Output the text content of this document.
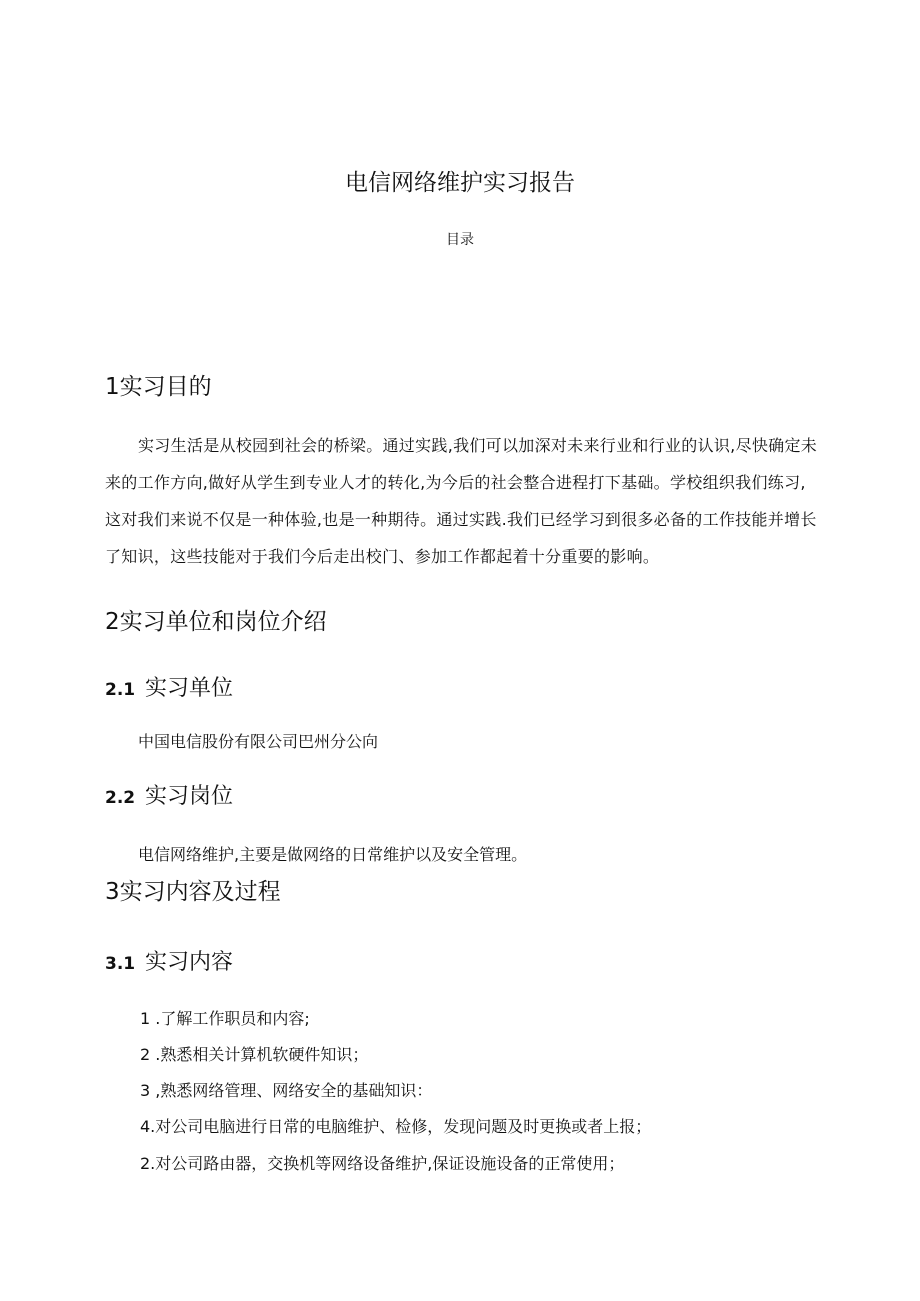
电信网络维护实习报告
目录
1实习目的
实习生活是从校园到社会的桥梁。通过实践,我们可以加深对未来行业和行业的认识,尽快确定未来的工作方向,做好从学生到专业人才的转化,为今后的社会整合进程打下基础。学校组织我们练习,这对我们来说不仅是一种体验,也是一种期待。通过实践.我们已经学习到很多必备的工作技能并增长了知识，这些技能对于我们今后走出校门、参加工作都起着十分重要的影响。
2实习单位和岗位介绍
2.1 实习单位
中国电信股份有限公司巴州分公向
2.2 实习岗位
电信网络维护,主要是做网络的日常维护以及安全管理。
3实习内容及过程
3.1 实习内容
1 .了解工作职员和内容;
2 .熟悉相关计算机软硬件知识；
3 ,熟悉网络管理、网络安全的基础知识：
4.对公司电脑进行日常的电脑维护、检修，发现问题及时更换或者上报；
2.对公司路由器，交换机等网络设备维护,保证设施设备的正常使用；
